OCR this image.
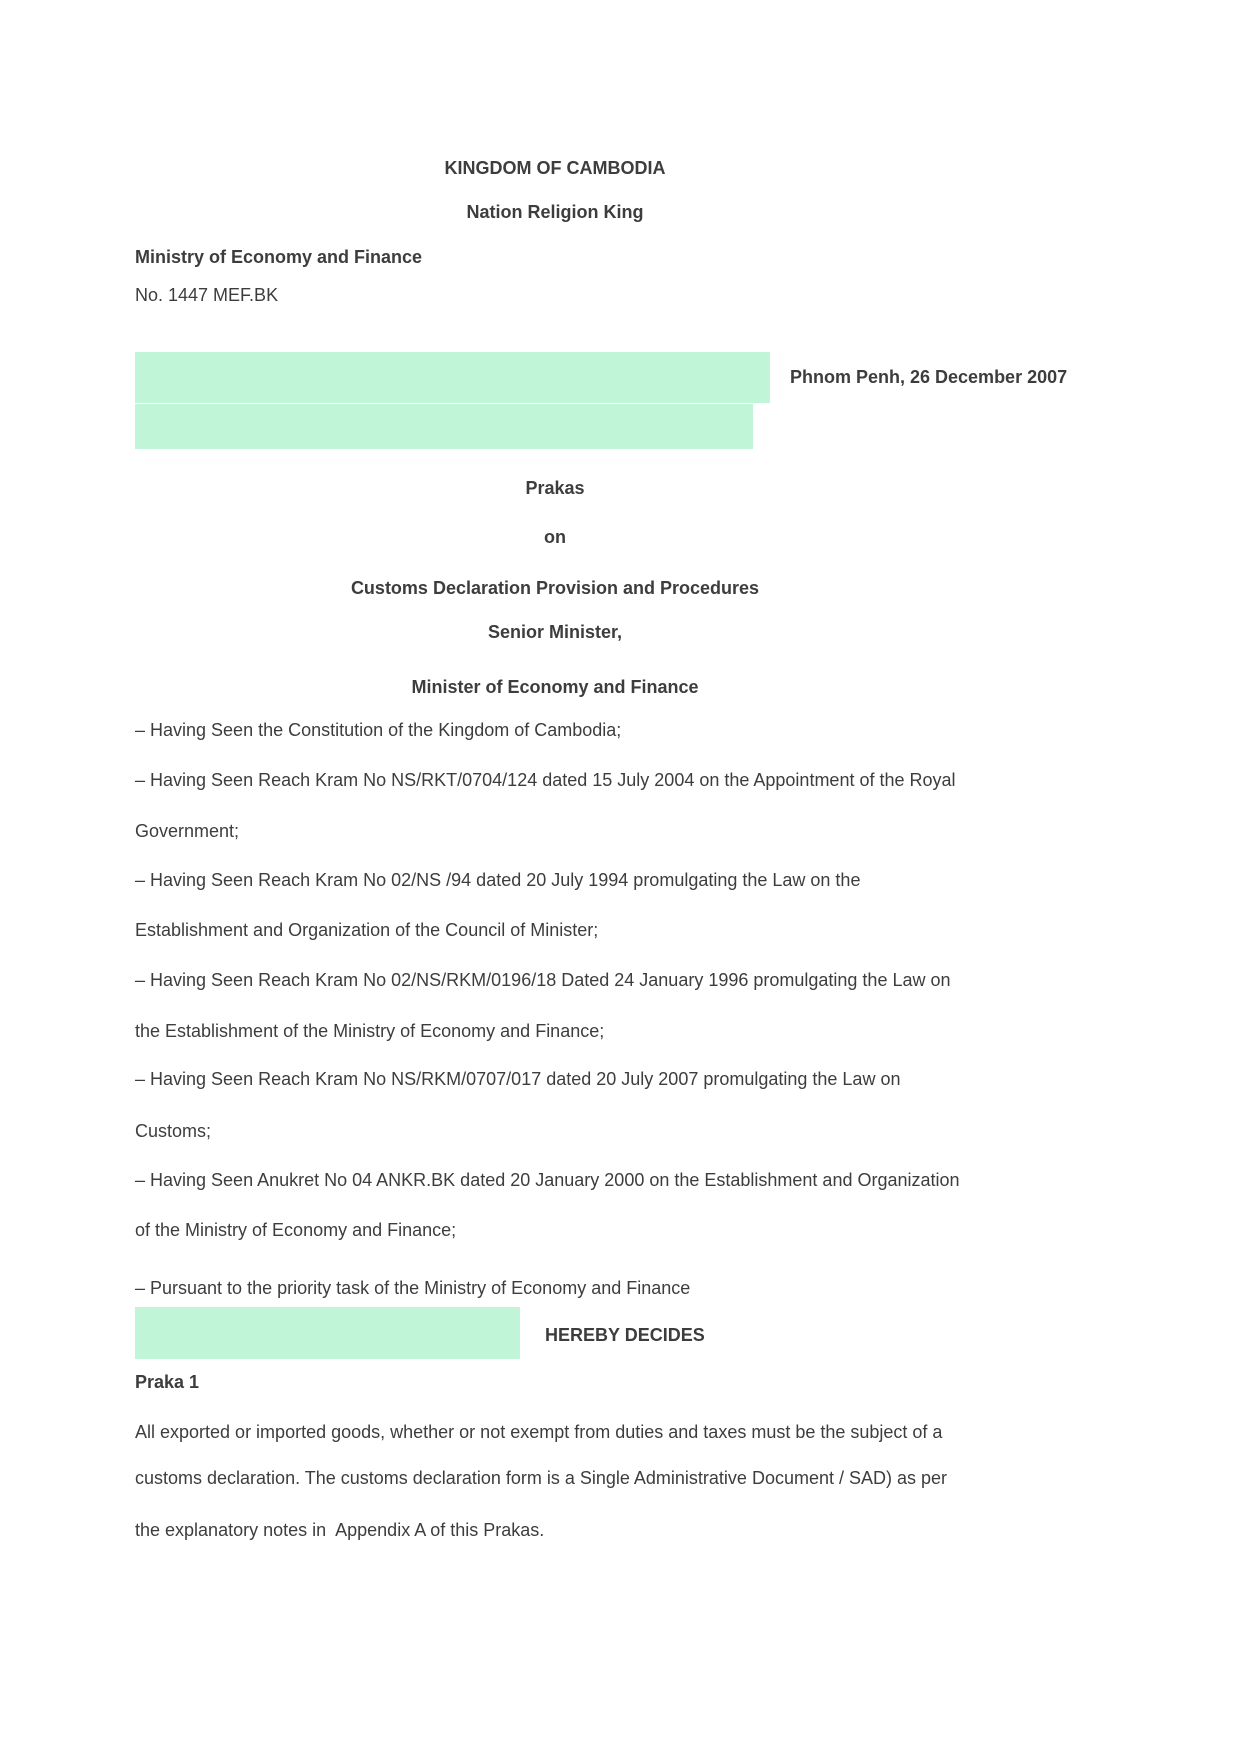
KINGDOM OF CAMBODIA
Nation Religion King
Ministry of Economy and Finance
No. 1447 MEF.BK
Phnom Penh, 26 December 2007
Prakas
on
Customs Declaration Provision and Procedures
Senior Minister,
Minister of Economy and Finance
– Having Seen the Constitution of the Kingdom of Cambodia;
– Having Seen Reach Kram No NS/RKT/0704/124 dated 15 July 2004 on the Appointment of the Royal
Government;
– Having Seen Reach Kram No 02/NS /94 dated 20 July 1994 promulgating the Law on the
Establishment and Organization of the Council of Minister;
– Having Seen Reach Kram No 02/NS/RKM/0196/18 Dated 24 January 1996 promulgating the Law on
the Establishment of the Ministry of Economy and Finance;
– Having Seen Reach Kram No NS/RKM/0707/017 dated 20 July 2007 promulgating the Law on
Customs;
– Having Seen Anukret No 04 ANKR.BK dated 20 January 2000 on the Establishment and Organization
of the Ministry of Economy and Finance;
– Pursuant to the priority task of the Ministry of Economy and Finance
HEREBY DECIDES
Praka 1
All exported or imported goods, whether or not exempt from duties and taxes must be the subject of a
customs declaration. The customs declaration form is a Single Administrative Document / SAD) as per
the explanatory notes in  Appendix A of this Prakas.
